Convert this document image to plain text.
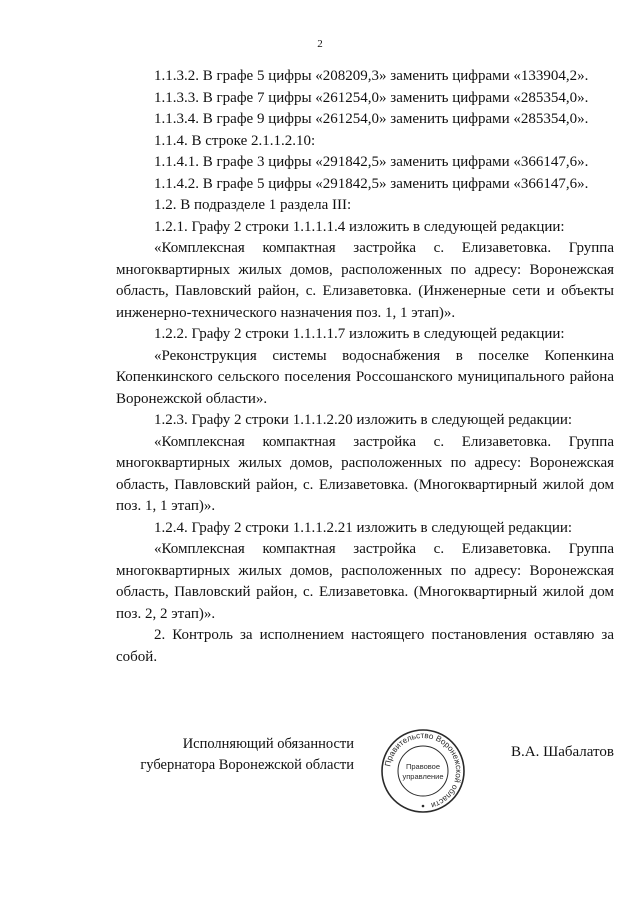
2

1.1.3.2. В графе 5 цифры «208209,3» заменить цифрами «133904,2».

1.1.3.3. В графе 7 цифры «261254,0» заменить цифрами «285354,0».

1.1.3.4. В графе 9 цифры «261254,0» заменить цифрами «285354,0».

1.1.4. В строке 2.1.1.2.10:

1.1.4.1. В графе 3 цифры «291842,5» заменить цифрами «366147,6».

1.1.4.2. В графе 5 цифры «291842,5» заменить цифрами «366147,6».

1.2. В подразделе 1 раздела III:

1.2.1. Графу 2 строки 1.1.1.1.4 изложить в следующей редакции:

«Комплексная компактная застройка с. Елизаветовка. Группа многоквартирных жилых домов, расположенных по адресу: Воронежская область, Павловский район, с. Елизаветовка. (Инженерные сети и объекты инженерно-технического назначения поз. 1, 1 этап)».

1.2.2. Графу 2 строки 1.1.1.1.7 изложить в следующей редакции:

«Реконструкция системы водоснабжения в поселке Копенкина Копенкинского сельского поселения Россошанского муниципального района Воронежской области».

1.2.3. Графу 2 строки 1.1.1.2.20 изложить в следующей редакции:

«Комплексная компактная застройка с. Елизаветовка. Группа многоквартирных жилых домов, расположенных по адресу: Воронежская область, Павловский район, с. Елизаветовка. (Многоквартирный жилой дом поз. 1, 1 этап)».

1.2.4. Графу 2 строки 1.1.1.2.21 изложить в следующей редакции:

«Комплексная компактная застройка с. Елизаветовка. Группа многоквартирных жилых домов, расположенных по адресу: Воронежская область, Павловский район, с. Елизаветовка. (Многоквартирный жилой дом поз. 2, 2 этап)».

2. Контроль за исполнением настоящего постановления оставляю за собой.

Исполняющий обязанности
губернатора Воронежской области	Правительство Воронежской области
Правовое
управление
В.А. Шабалатов
